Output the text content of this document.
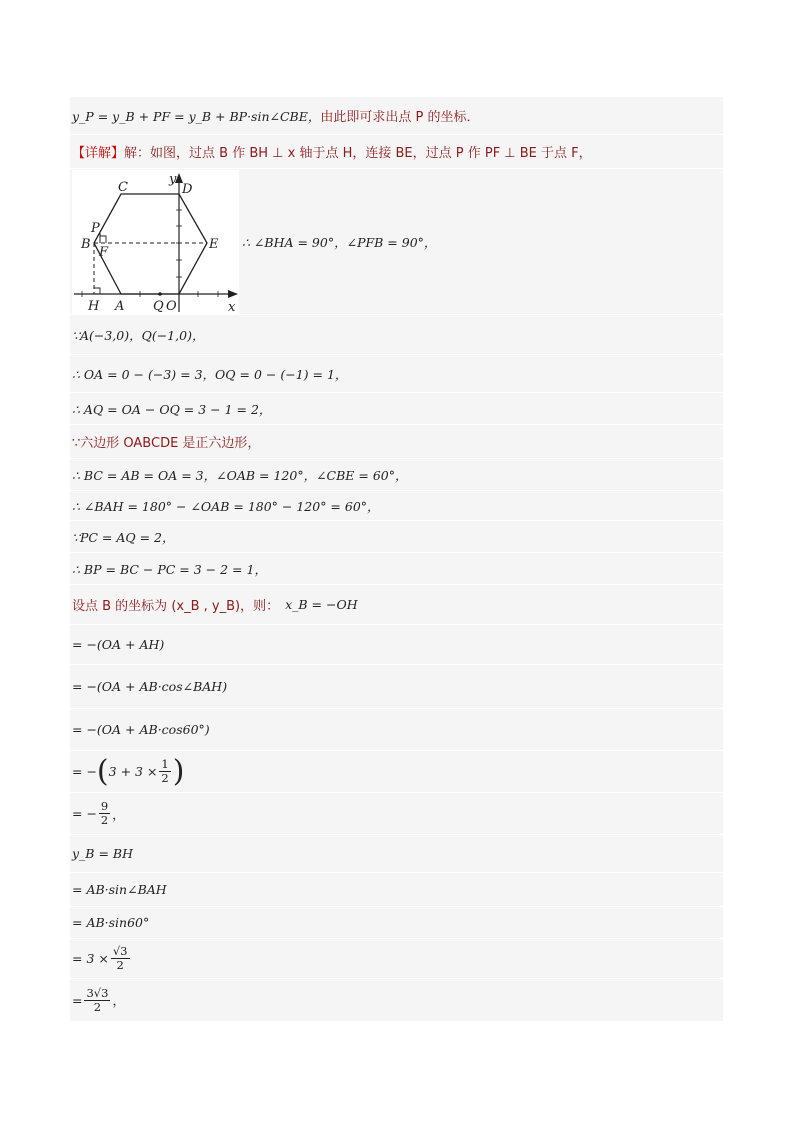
y_P = y_B + PF = y_B + BP·sin∠CBE， 由此即可求出点 P 的坐标．
【详解】 解：如图，过点 B 作 BH ⊥ x 轴于点 H，连接 BE，过点 P 作 PF ⊥ BE 于点 F，
∴ ∠BHA = 90°，∠PFB = 90°，
C	D
E
B
P
F
H A Q O	x
y
∵A(−3,0)，Q(−1,0)，
∴ OA = 0 − (−3) = 3，OQ = 0 − (−1) = 1，
∴ AQ = OA − OQ = 3 − 1 = 2，
∵六边形 OABCDE 是正六边形，
∴ BC = AB = OA = 3，∠OAB = 120°，∠CBE = 60°，
∴ ∠BAH = 180° − ∠OAB = 180° − 120° = 60°，
∵PC = AQ = 2，
∴ BP = BC − PC = 3 − 2 = 1，
设点 B 的坐标为 (x_B , y_B)，则： x_B = −OH
= −(OA + AH)
= −(OA + AB·cos∠BAH)
= −(OA + AB·cos60°)
= − ( $3 + 3 \times \frac{1}{2}$ )
= − $\frac{9}{2}$ ，
y_B = BH
= AB·sin∠BAH
= AB·sin60°
= $3 \times \frac{√3}{2}$
= $\frac{3√3}{2}$ ，
